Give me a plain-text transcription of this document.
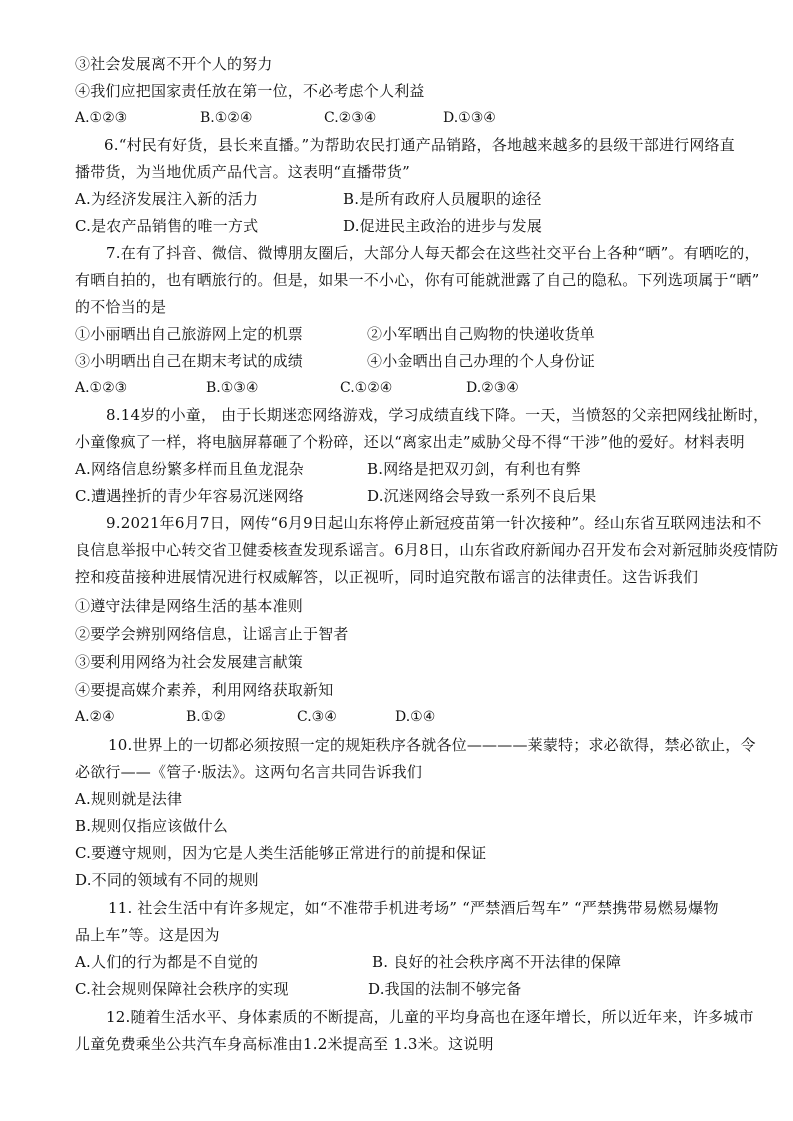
③社会发展离不开个人的努力
④我们应把国家责任放在第一位，不必考虑个人利益
A.①②③	B.①②④	C.②③④	D.①③④
6.“村民有好货，县长来直播。”为帮助农民打通产品销路，各地越来越多的县级干部进行网络直
播带货，为当地优质产品代言。这表明“直播带货”
A.为经济发展注入新的活力	B.是所有政府人员履职的途径
C.是农产品销售的唯一方式	D.促进民主政治的进步与发展
7.在有了抖音、微信、微博朋友圈后，大部分人每天都会在这些社交平台上各种“晒”。有晒吃的，
有晒自拍的，也有晒旅行的。但是，如果一不小心，你有可能就泄露了自己的隐私。下列选项属于“晒”
的不恰当的是
①小丽晒出自己旅游网上定的机票	②小军晒出自己购物的快递收货单
③小明晒出自己在期末考试的成绩	④小金晒出自己办理的个人身份证
A.①②③	B.①③④	C.①②④	D.②③④
8.14岁的小童， 由于长期迷恋网络游戏，学习成绩直线下降。一天，当愤怒的父亲把网线扯断时，
小童像疯了一样，将电脑屏幕砸了个粉碎，还以“离家出走”威胁父母不得“干涉”他的爱好。材料表明
A.网络信息纷繁多样而且鱼龙混杂	B.网络是把双刃剑，有利也有弊
C.遭遇挫折的青少年容易沉迷网络	D.沉迷网络会导致一系列不良后果
9.2021年6月7日，网传“6月9日起山东将停止新冠疫苗第一针次接种”。经山东省互联网违法和不
良信息举报中心转交省卫健委核查发现系谣言。6月8日，山东省政府新闻办召开发布会对新冠肺炎疫情防
控和疫苗接种进展情况进行权威解答，以正视听，同时追究散布谣言的法律责任。这告诉我们
①遵守法律是网络生活的基本准则
②要学会辨别网络信息，让谣言止于智者
③要利用网络为社会发展建言献策
④要提高媒介素养，利用网络获取新知
A.②④	B.①②	C.③④	D.①④
10.世界上的一切都必须按照一定的规矩秩序各就各位————莱蒙特；求必欲得，禁必欲止，令
必欲行——《管子·版法》。这两句名言共同告诉我们
A.规则就是法律
B.规则仅指应该做什么
C.要遵守规则，因为它是人类生活能够正常进行的前提和保证
D.不同的领域有不同的规则
11. 社会生活中有许多规定，如“不准带手机进考场” “严禁酒后驾车” “严禁携带易燃易爆物
品上车”等。这是因为
A.人们的行为都是不自觉的	B. 良好的社会秩序离不开法律的保障
C.社会规则保障社会秩序的实现	D.我国的法制不够完备
12.随着生活水平、身体素质的不断提高，儿童的平均身高也在逐年增长，所以近年来，许多城市
儿童免费乘坐公共汽车身高标准由1.2米提高至 1.3米。这说明
